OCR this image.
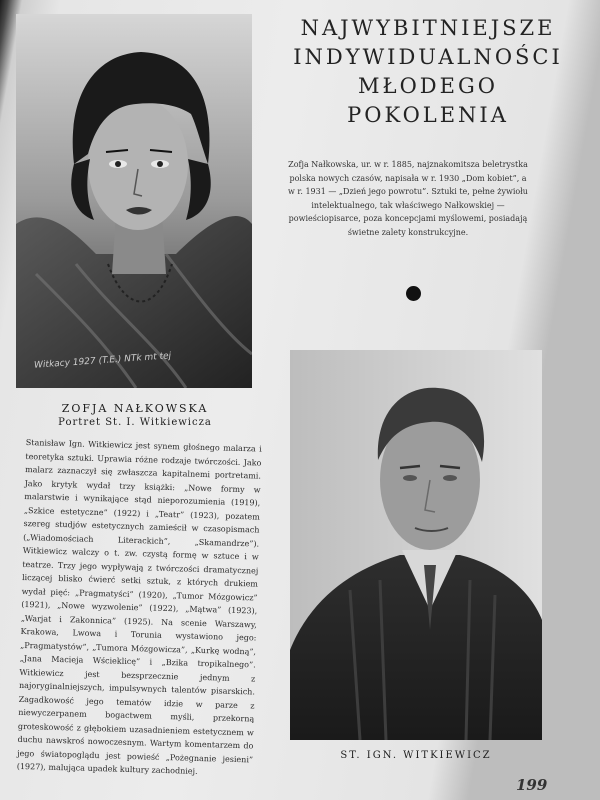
Witkacy 1927 (T.E.) NTk mt tej
ZOFJA NAŁKOWSKA
Portret St. I. Witkiewicza
NAJWYBITNIEJSZE
INDYWIDUALNOŚCI
MŁODEGO POKOLENIA
Zofja Nałkowska, ur. w r. 1885, najznakomitsza beletrystka polska nowych czasów, napisała w r. 1930 „Dom kobiet”, a w r. 1931 — „Dzień jego powrotu”. Sztuki te, pełne żywiołu intelektualnego, tak właściwego Nałkowskiej — powieściopisarce, poza koncepcjami myślowemi, posiadają świetne zalety konstrukcyjne.
ST. IGN. WITKIEWICZ
Stanisław Ign. Witkiewicz jest synem głośnego malarza i teoretyka sztuki. Uprawia różne rodzaje twórczości. Jako malarz zaznaczył się zwłaszcza kapitalnemi portretami. Jako krytyk wydał trzy książki: „Nowe formy w malarstwie i wynikające stąd nieporozumienia (1919), „Szkice estetyczne” (1922) i „Teatr” (1923), pozatem szereg studjów estetycznych zamieścił w czasopismach („Wiadomościach Literackich”, „Skamandrze”). Witkiewicz walczy o t. zw. czystą formę w sztuce i w teatrze. Trzy jego wypływają z twórczości dramatycznej liczącej blisko ćwierć setki sztuk, z których drukiem wydał pięć: „Pragmatyści” (1920), „Tumor Mózgowicz” (1921), „Nowe wyzwolenie” (1922), „Mątwa” (1923), „Warjat i Zakonnica” (1925). Na scenie Warszawy, Krakowa, Lwowa i Torunia wystawiono jego: „Pragmatystów”, „Tumora Mózgowicza”, „Kurkę wodną”, „Jana Macieja Wścieklicę” i „Bzika tropikalnego”. Witkiewicz jest bezsprzecznie jednym z najoryginalniejszych, impulsywnych talentów pisarskich. Zagadkowość jego tematów idzie w parze z niewyczerpanem bogactwem myśli, przekorną groteskowość z głębokiem uzasadnieniem estetycznem w duchu nawskroś nowoczesnym. Wartym komentarzem do jego światopoglądu jest powieść „Pożegnanie jesieni” (1927), malująca upadek kultury zachodniej.
199
